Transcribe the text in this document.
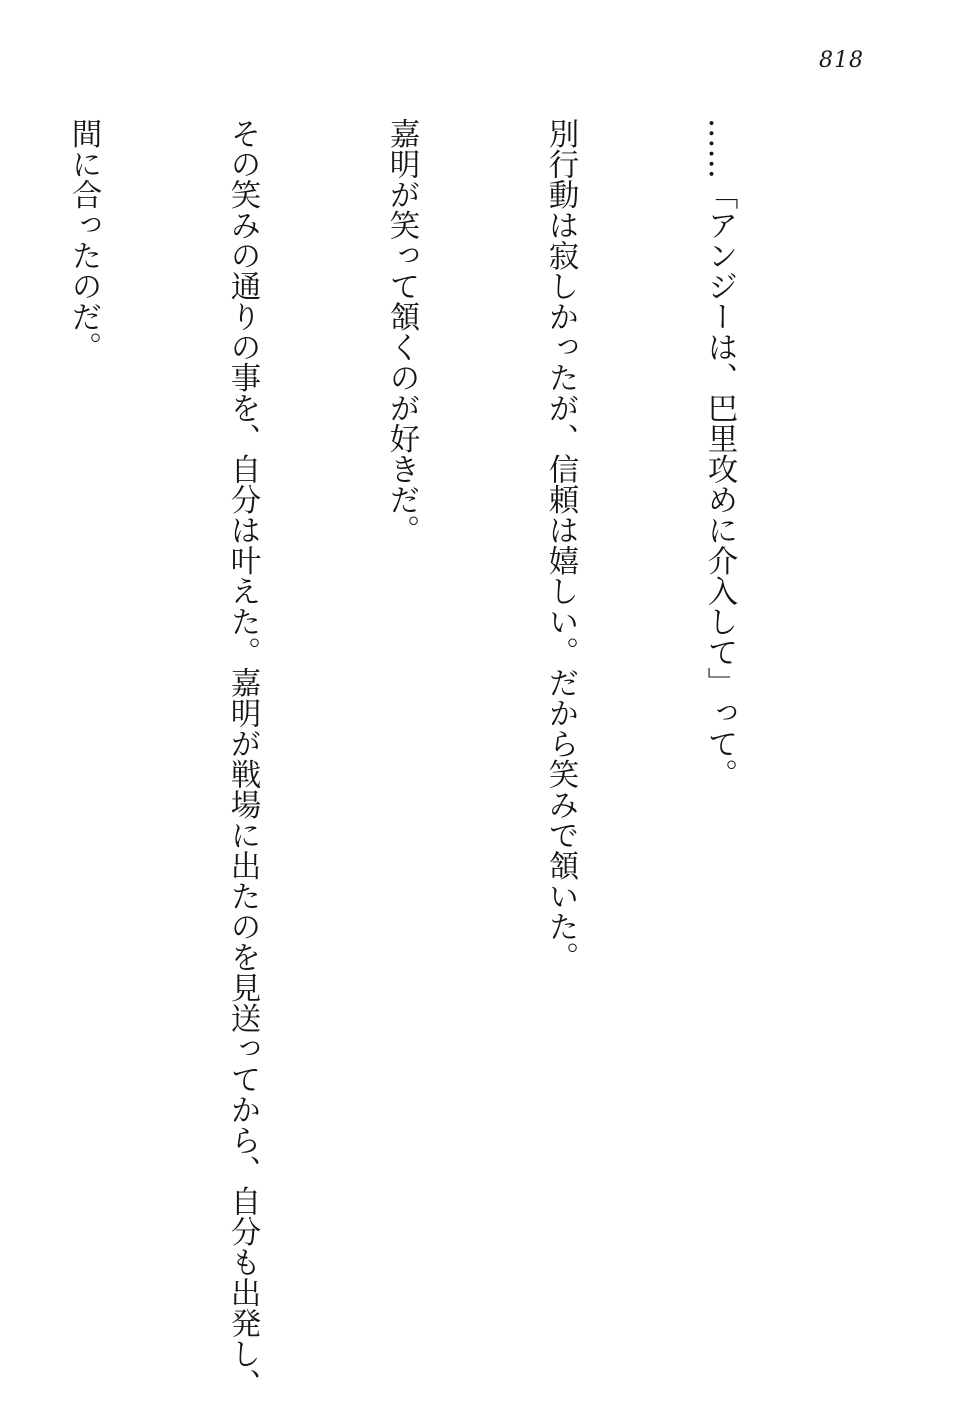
818

……「アンジーは、巴里攻めに介入して」って。

別行動は寂しかったが、信頼は嬉しい。だから笑みで頷いた。

嘉明が笑って頷くのが好きだ。

その笑みの通りの事を、自分は叶えた。嘉明が戦場に出たのを見送ってから、自分も出発し、

間に合ったのだ。
